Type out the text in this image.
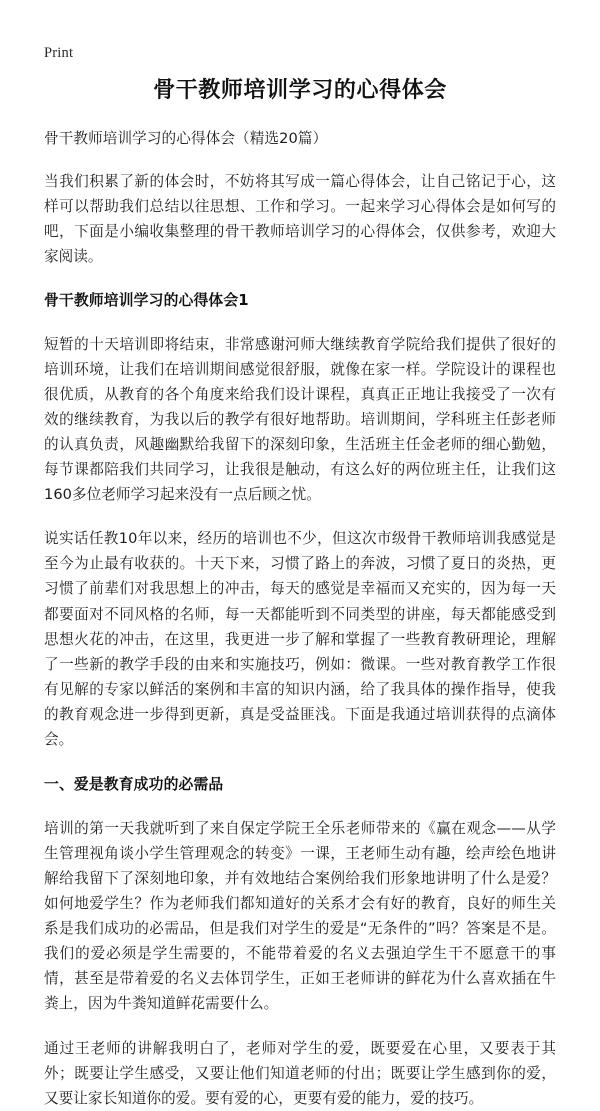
Print
骨干教师培训学习的心得体会
骨干教师培训学习的心得体会（精选20篇）

当我们积累了新的体会时，不妨将其写成一篇心得体会，让自己铭记于心，这样可以帮助我们总结以往思想、工作和学习。一起来学习心得体会是如何写的吧，下面是小编收集整理的骨干教师培训学习的心得体会，仅供参考，欢迎大家阅读。

骨干教师培训学习的心得体会1

短暂的十天培训即将结束，非常感谢河师大继续教育学院给我们提供了很好的培训环境，让我们在培训期间感觉很舒服，就像在家一样。学院设计的课程也很优质，从教育的各个角度来给我们设计课程，真真正正地让我接受了一次有效的继续教育，为我以后的教学有很好地帮助。培训期间，学科班主任彭老师的认真负责，风趣幽默给我留下的深刻印象，生活班主任金老师的细心勤勉，每节课都陪我们共同学习，让我很是触动，有这么好的两位班主任，让我们这160多位老师学习起来没有一点后顾之忧。

说实话任教10年以来，经历的培训也不少，但这次市级骨干教师培训我感觉是至今为止最有收获的。十天下来，习惯了路上的奔波，习惯了夏日的炎热，更习惯了前辈们对我思想上的冲击，每天的感觉是幸福而又充实的，因为每一天都要面对不同风格的名师，每一天都能听到不同类型的讲座，每天都能感受到思想火花的冲击，在这里，我更进一步了解和掌握了一些教育教研理论，理解了一些新的教学手段的由来和实施技巧，例如：微课。一些对教育教学工作很有见解的专家以鲜活的案例和丰富的知识内涵，给了我具体的操作指导，使我的教育观念进一步得到更新，真是受益匪浅。下面是我通过培训获得的点滴体会。

一、爱是教育成功的必需品

培训的第一天我就听到了来自保定学院王全乐老师带来的《赢在观念——从学生管理视角谈小学生管理观念的转变》一课，王老师生动有趣，绘声绘色地讲解给我留下了深刻地印象，并有效地结合案例给我们形象地讲明了什么是爱？如何地爱学生？作为老师我们都知道好的关系才会有好的教育，良好的师生关系是我们成功的必需品，但是我们对学生的爱是“无条件的”吗？答案是不是。我们的爱必须是学生需要的，不能带着爱的名义去强迫学生干不愿意干的事情，甚至是带着爱的名义去体罚学生，正如王老师讲的鲜花为什么喜欢插在牛粪上，因为牛粪知道鲜花需要什么。

通过王老师的讲解我明白了，老师对学生的爱，既要爱在心里，又要表于其外；既要让学生感受，又要让他们知道老师的付出；既要让学生感到你的爱，又要让家长知道你的爱。要有爱的心，更要有爱的能力，爱的技巧。
